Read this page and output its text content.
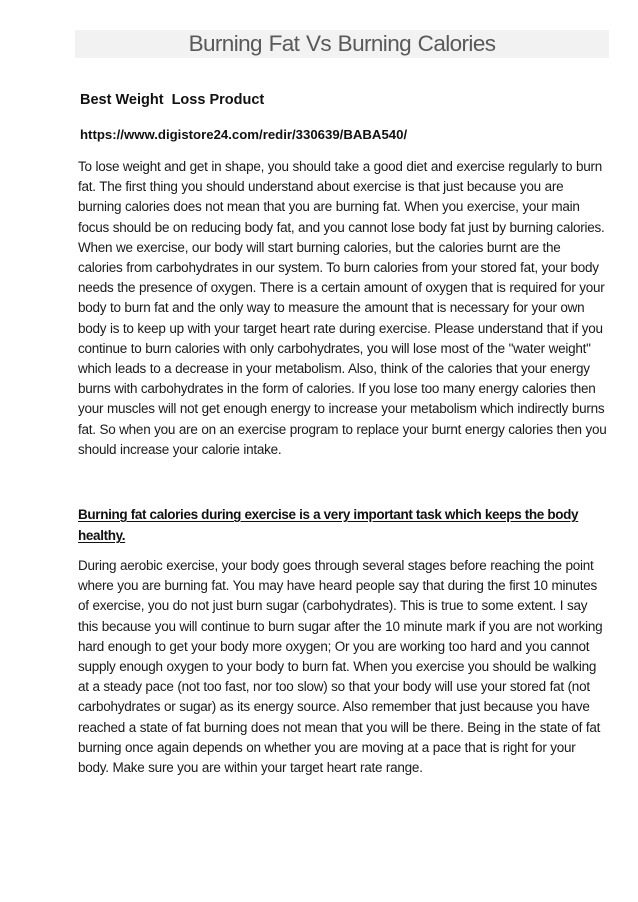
Burning Fat Vs Burning Calories

Best Weight  Loss Product

https://www.digistore24.com/redir/330639/BABA540/

To lose weight and get in shape, you should take a good diet and exercise regularly to burn fat. The first thing you should understand about exercise is that just because you are burning calories does not mean that you are burning fat. When you exercise, your main focus should be on reducing body fat, and you cannot lose body fat just by burning calories. When we exercise, our body will start burning calories, but the calories burnt are the calories from carbohydrates in our system. To burn calories from your stored fat, your body needs the presence of oxygen. There is a certain amount of oxygen that is required for your body to burn fat and the only way to measure the amount that is necessary for your own body is to keep up with your target heart rate during exercise. Please understand that if you continue to burn calories with only carbohydrates, you will lose most of the "water weight" which leads to a decrease in your metabolism. Also, think of the calories that your energy burns with carbohydrates in the form of calories. If you lose too many energy calories then your muscles will not get enough energy to increase your metabolism which indirectly burns fat. So when you are on an exercise program to replace your burnt energy calories then you should increase your calorie intake.

Burning fat calories during exercise is a very important task which keeps the body healthy.

During aerobic exercise, your body goes through several stages before reaching the point where you are burning fat. You may have heard people say that during the first 10 minutes of exercise, you do not just burn sugar (carbohydrates). This is true to some extent. I say this because you will continue to burn sugar after the 10 minute mark if you are not working hard enough to get your body more oxygen; Or you are working too hard and you cannot supply enough oxygen to your body to burn fat. When you exercise you should be walking at a steady pace (not too fast, nor too slow) so that your body will use your stored fat (not carbohydrates or sugar) as its energy source. Also remember that just because you have reached a state of fat burning does not mean that you will be there. Being in the state of fat burning once again depends on whether you are moving at a pace that is right for your body. Make sure you are within your target heart rate range.
